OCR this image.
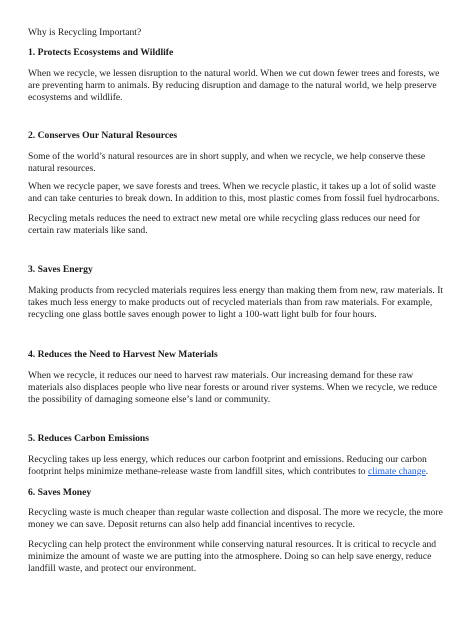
Why is Recycling Important?
1. Protects Ecosystems and Wildlife
When we recycle, we lessen disruption to the natural world. When we cut down fewer trees and forests, we are preventing harm to animals. By reducing disruption and damage to the natural world, we help preserve ecosystems and wildlife.
2. Conserves Our Natural Resources
Some of the world’s natural resources are in short supply, and when we recycle, we help conserve these natural resources.
When we recycle paper, we save forests and trees. When we recycle plastic, it takes up a lot of solid waste and can take centuries to break down. In addition to this, most plastic comes from fossil fuel hydrocarbons.
Recycling metals reduces the need to extract new metal ore while recycling glass reduces our need for certain raw materials like sand.
3. Saves Energy
Making products from recycled materials requires less energy than making them from new, raw materials. It takes much less energy to make products out of recycled materials than from raw materials. For example, recycling one glass bottle saves enough power to light a 100-watt light bulb for four hours.
4. Reduces the Need to Harvest New Materials
When we recycle, it reduces our need to harvest raw materials. Our increasing demand for these raw materials also displaces people who live near forests or around river systems. When we recycle, we reduce the possibility of damaging someone else’s land or community.
5. Reduces Carbon Emissions
Recycling takes up less energy, which reduces our carbon footprint and emissions. Reducing our carbon footprint helps minimize methane-release waste from landfill sites, which contributes to climate change.
6. Saves Money
Recycling waste is much cheaper than regular waste collection and disposal. The more we recycle, the more money we can save. Deposit returns can also help add financial incentives to recycle.
Recycling can help protect the environment while conserving natural resources. It is critical to recycle and minimize the amount of waste we are putting into the atmosphere. Doing so can help save energy, reduce landfill waste, and protect our environment.
